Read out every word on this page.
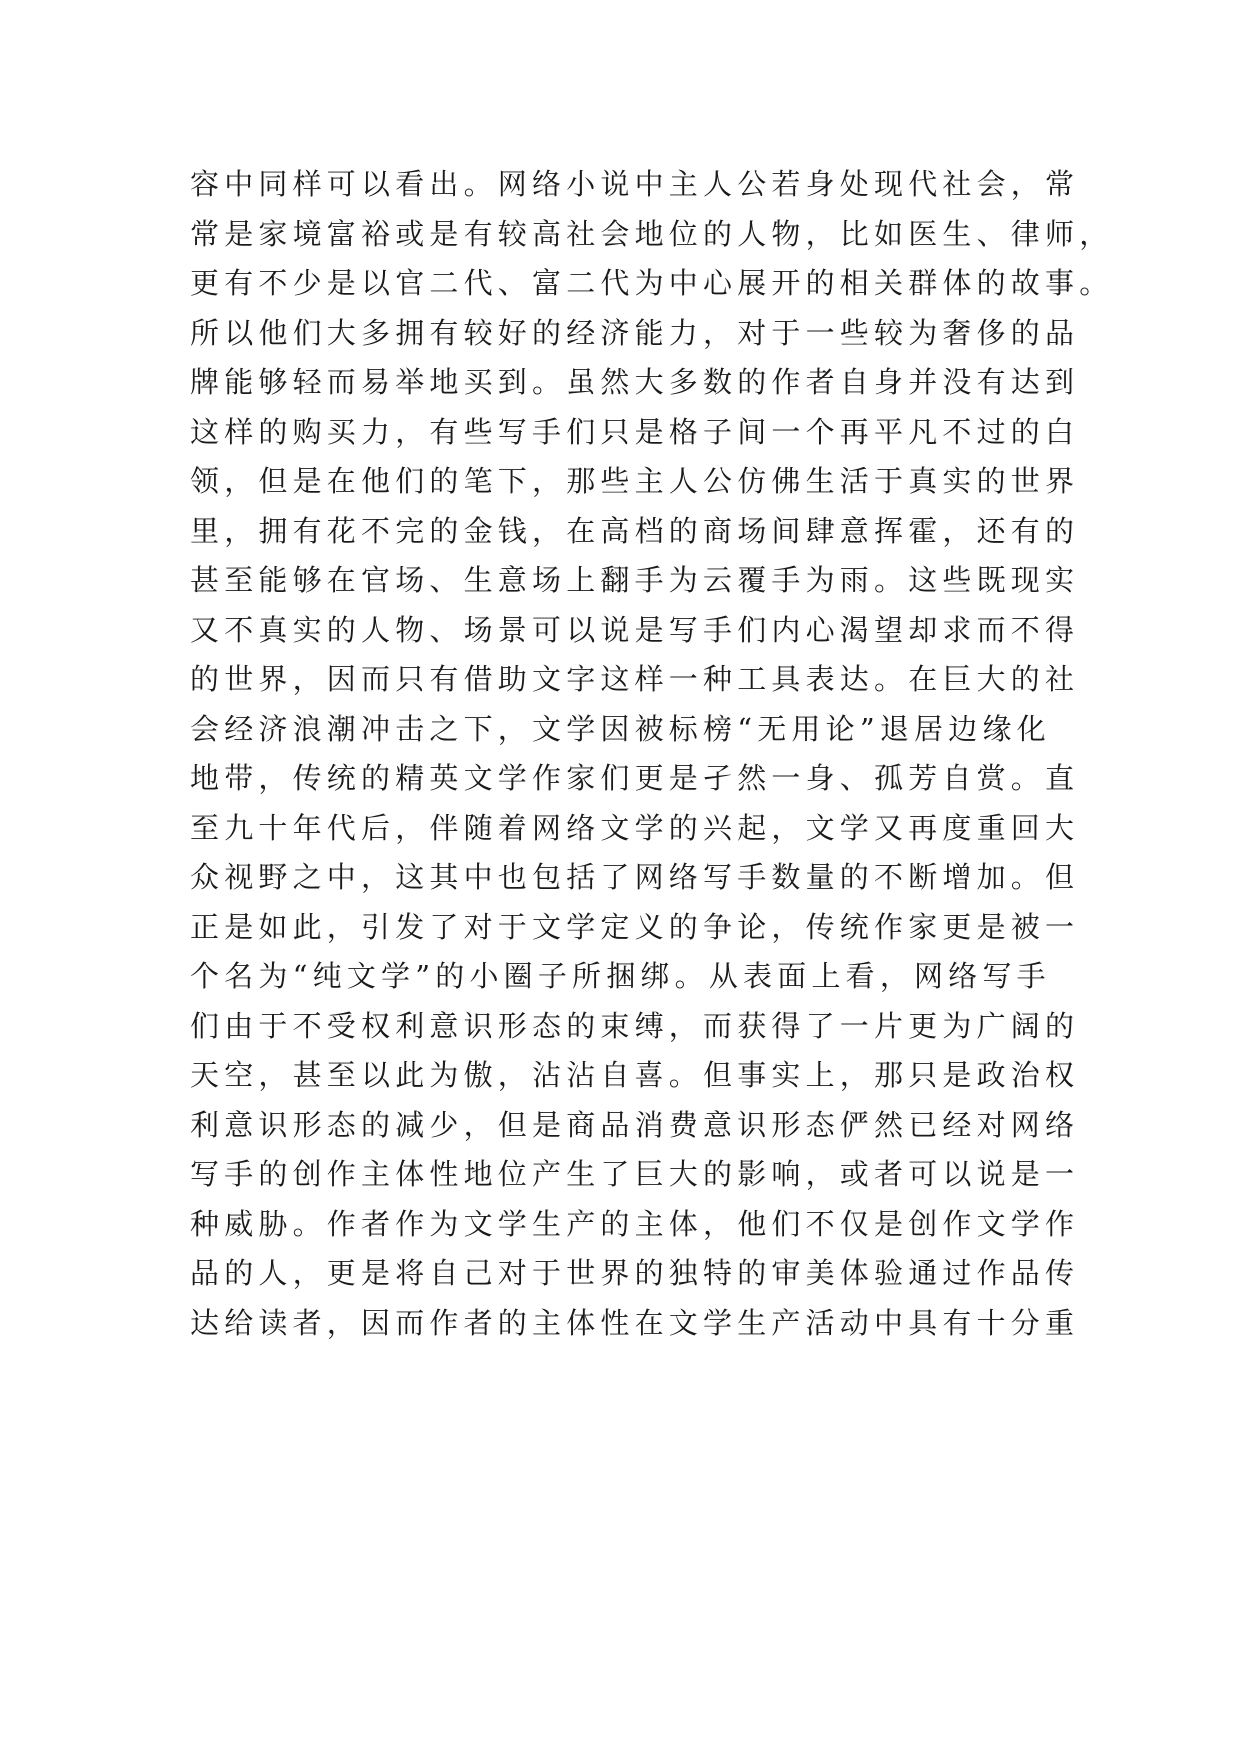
容中同样可以看出。网络小说中主人公若身处现代社会，常
常是家境富裕或是有较高社会地位的人物，比如医生、律师，
更有不少是以官二代、富二代为中心展开的相关群体的故事。
所以他们大多拥有较好的经济能力，对于一些较为奢侈的品
牌能够轻而易举地买到。虽然大多数的作者自身并没有达到
这样的购买力，有些写手们只是格子间一个再平凡不过的白
领，但是在他们的笔下，那些主人公仿佛生活于真实的世界
里，拥有花不完的金钱，在高档的商场间肆意挥霍，还有的
甚至能够在官场、生意场上翻手为云覆手为雨。这些既现实
又不真实的人物、场景可以说是写手们内心渴望却求而不得
的世界，因而只有借助文字这样一种工具表达。在巨大的社
会经济浪潮冲击之下，文学因被标榜“无用论”退居边缘化
地带，传统的精英文学作家们更是孑然一身、孤芳自赏。直
至九十年代后，伴随着网络文学的兴起，文学又再度重回大
众视野之中，这其中也包括了网络写手数量的不断增加。但
正是如此，引发了对于文学定义的争论，传统作家更是被一
个名为“纯文学”的小圈子所捆绑。从表面上看，网络写手
们由于不受权利意识形态的束缚，而获得了一片更为广阔的
天空，甚至以此为傲，沾沾自喜。但事实上，那只是政治权
利意识形态的减少，但是商品消费意识形态俨然已经对网络
写手的创作主体性地位产生了巨大的影响，或者可以说是一
种威胁。作者作为文学生产的主体，他们不仅是创作文学作
品的人，更是将自己对于世界的独特的审美体验通过作品传
达给读者，因而作者的主体性在文学生产活动中具有十分重
